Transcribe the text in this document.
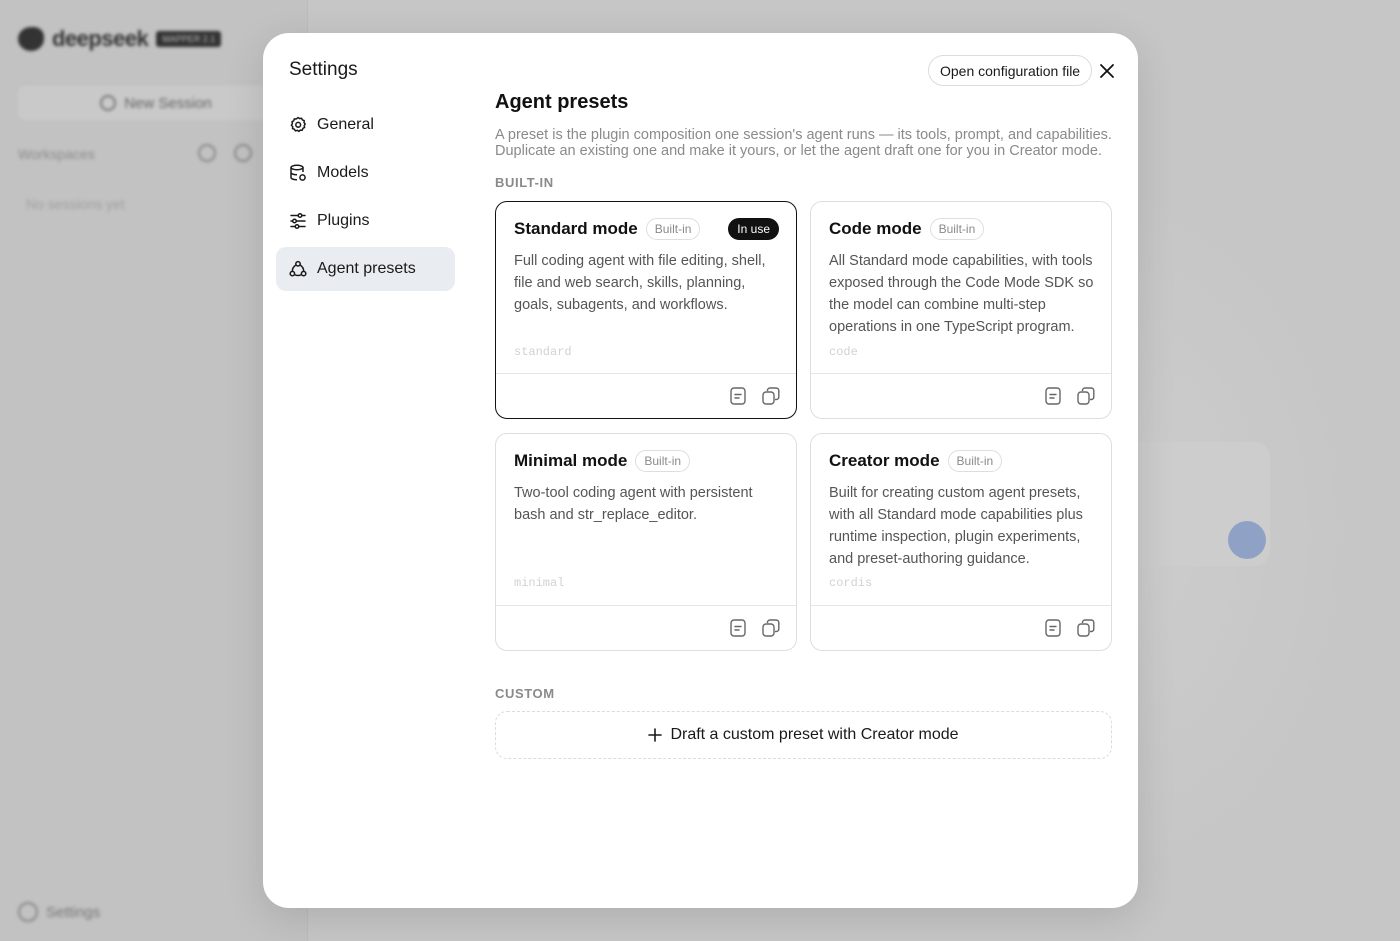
deepseek	MAPPER 2.1
New Session
Workspaces
No sessions yet
Settings
Settings	Open configuration file
General
Models
Plugins
Agent presets
Agent presets
A preset is the plugin composition one session's agent runs — its tools, prompt, and capabilities. Duplicate an existing one and make it yours, or let the agent draft one for you in Creator mode.
BUILT-IN
Standard mode	Built-in	In use
Full coding agent with file editing, shell, file and web search, skills, planning, goals, subagents, and workflows.
standard
Code mode	Built-in
All Standard mode capabilities, with tools exposed through the Code Mode SDK so the model can combine multi-step operations in one TypeScript program.
code
Minimal mode	Built-in
Two-tool coding agent with persistent bash and str_replace_editor.
minimal
Creator mode	Built-in
Built for creating custom agent presets, with all Standard mode capabilities plus runtime inspection, plugin experiments, and preset-authoring guidance.
cordis
CUSTOM
Draft a custom preset with Creator mode
